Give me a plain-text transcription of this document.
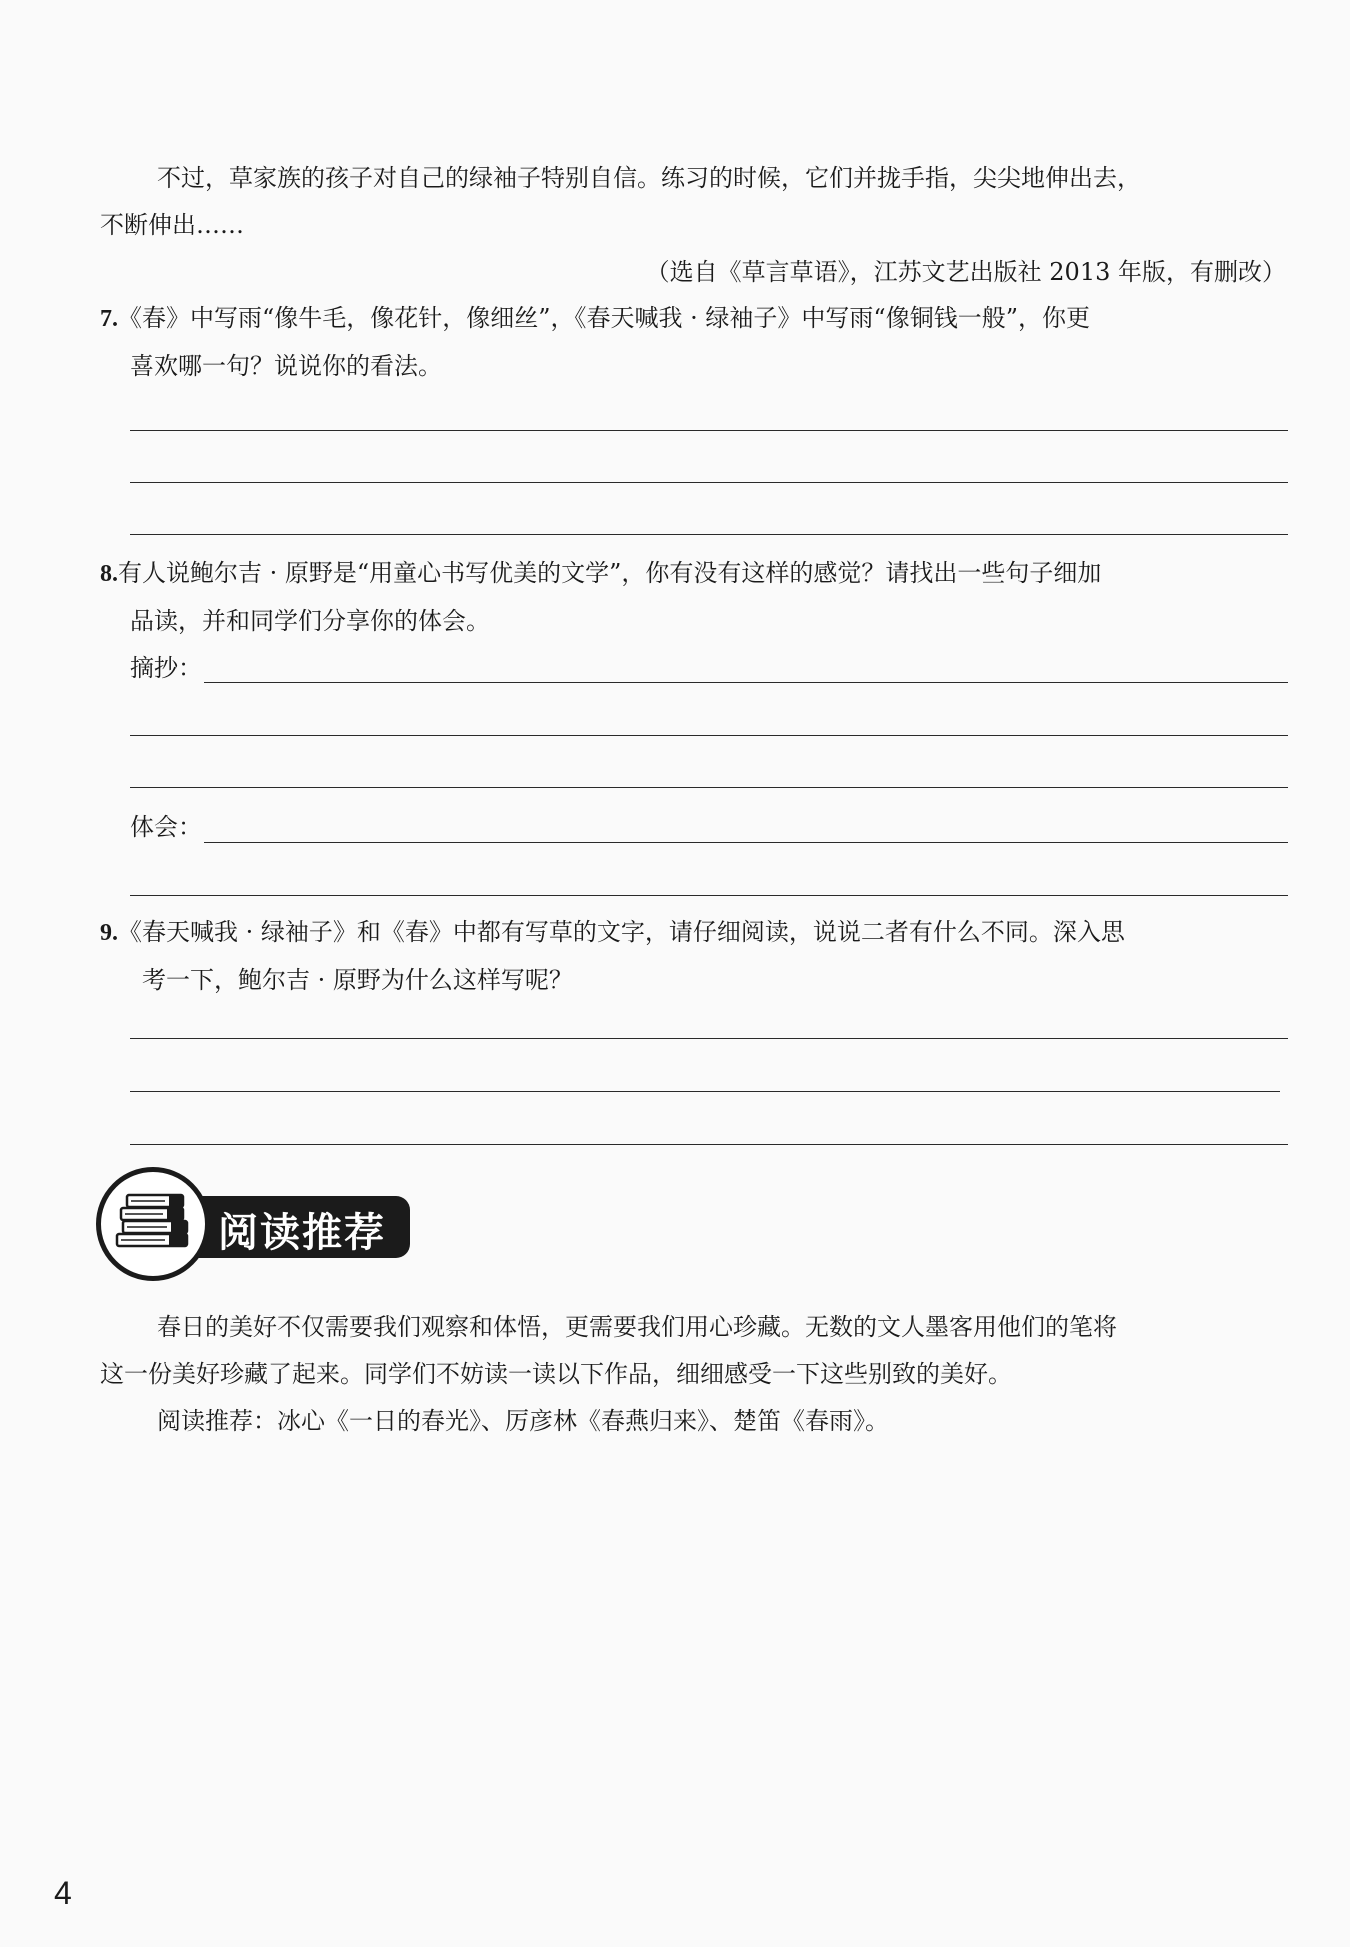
不过，草家族的孩子对自己的绿袖子特别自信。练习的时候，它们并拢手指，尖尖地伸出去，
不断伸出……
（选自《草言草语》，江苏文艺出版社 2013 年版，有删改）
7.《春》中写雨“像牛毛，像花针，像细丝”，《春天喊我 · 绿袖子》中写雨“像铜钱一般”，你更
喜欢哪一句？说说你的看法。
8.有人说鲍尔吉 · 原野是“用童心书写优美的文学”，你有没有这样的感觉？请找出一些句子细加
品读，并和同学们分享你的体会。
摘抄：
体会：
9.《春天喊我 · 绿袖子》和《春》中都有写草的文字，请仔细阅读，说说二者有什么不同。深入思
考一下，鲍尔吉 · 原野为什么这样写呢？
阅读推荐
春日的美好不仅需要我们观察和体悟，更需要我们用心珍藏。无数的文人墨客用他们的笔将
这一份美好珍藏了起来。同学们不妨读一读以下作品，细细感受一下这些别致的美好。
阅读推荐：冰心《一日的春光》、厉彦林《春燕归来》、楚笛《春雨》。
4
